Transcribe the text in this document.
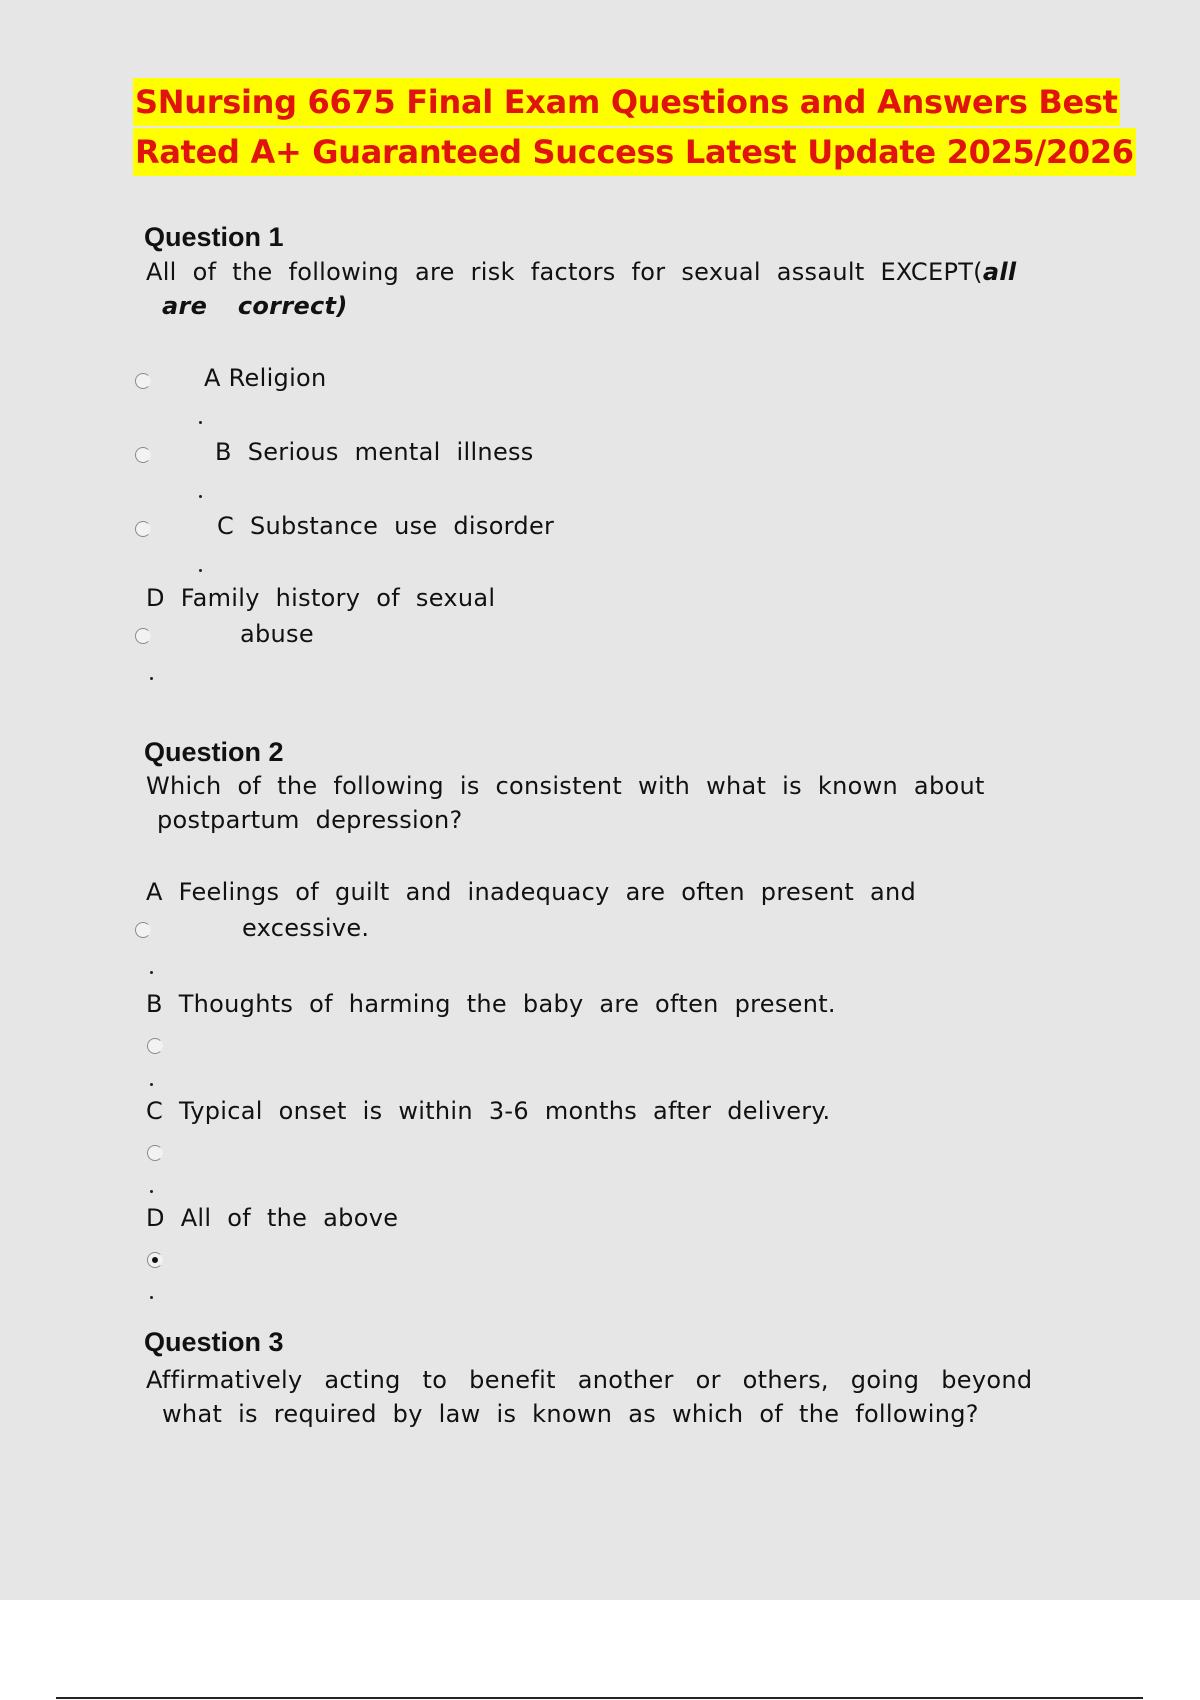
SNursing 6675 Final Exam Questions and Answers Best
Rated A+ Guaranteed Success Latest Update 2025/2026
Question 1
All of the following are risk factors for sexual assault EXCEPT(all
are correct)
A Religion
B Serious mental illness
C Substance use disorder
D Family history of sexual
abuse
Question 2
Which of the following is consistent with what is known about
postpartum depression?
A Feelings of guilt and inadequacy are often present and
excessive.
B Thoughts of harming the baby are often present.
C Typical onset is within 3-6 months after delivery.
D All of the above
Question 3
Affirmatively acting to benefit another or others, going beyond
what is required by law is known as which of the following?
